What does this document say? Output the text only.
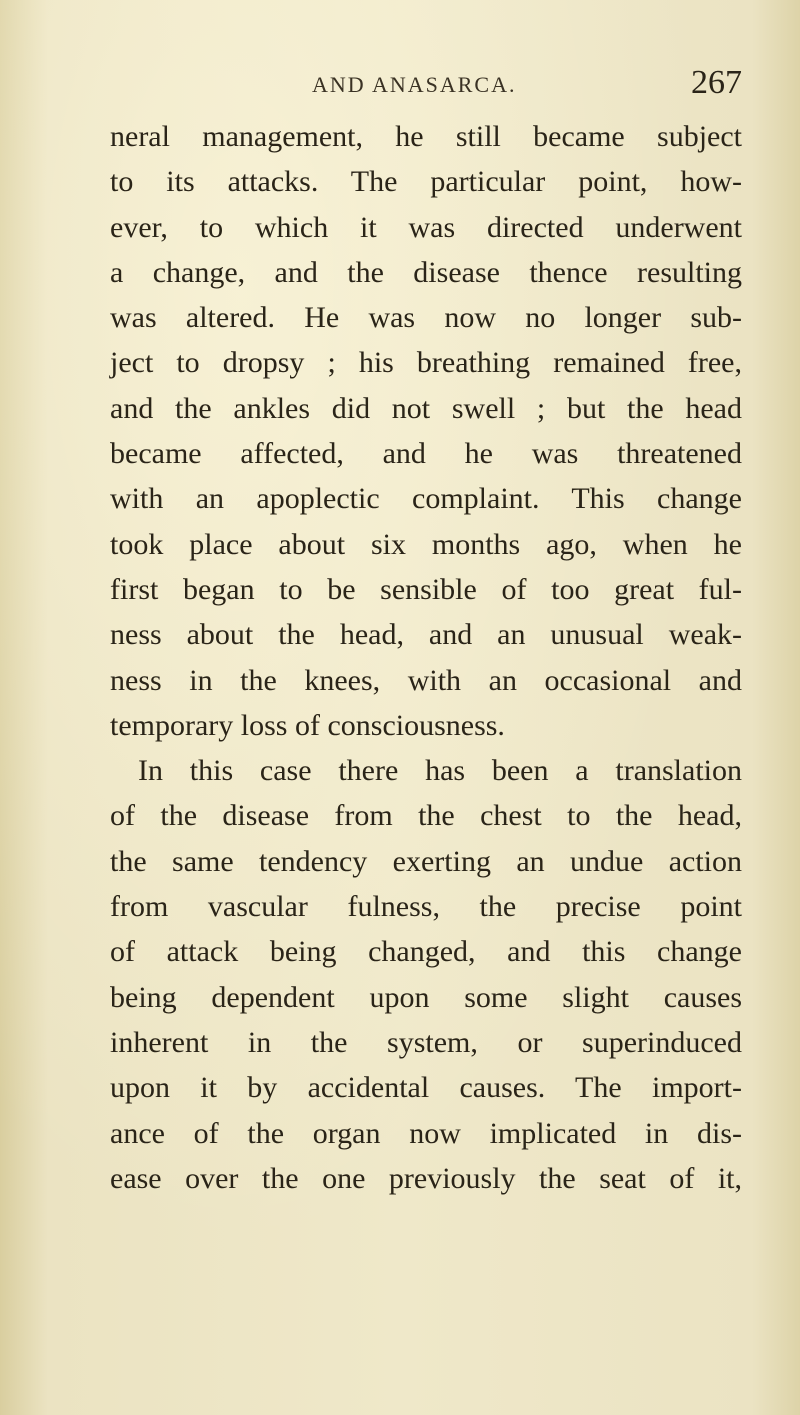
AND ANASARCA.	267
neral management, he still became subject
to its attacks. The particular point, how-
ever, to which it was directed underwent
a change, and the disease thence resulting
was altered. He was now no longer sub-
ject to dropsy ; his breathing remained free,
and the ankles did not swell ; but the head
became affected, and he was threatened
with an apoplectic complaint. This change
took place about six months ago, when he
first began to be sensible of too great ful-
ness about the head, and an unusual weak-
ness in the knees, with an occasional and
temporary loss of consciousness.
In this case there has been a translation
of the disease from the chest to the head,
the same tendency exerting an undue action
from vascular fulness, the precise point
of attack being changed, and this change
being dependent upon some slight causes
inherent in the system, or superinduced
upon it by accidental causes. The import-
ance of the organ now implicated in dis-
ease over the one previously the seat of it,
